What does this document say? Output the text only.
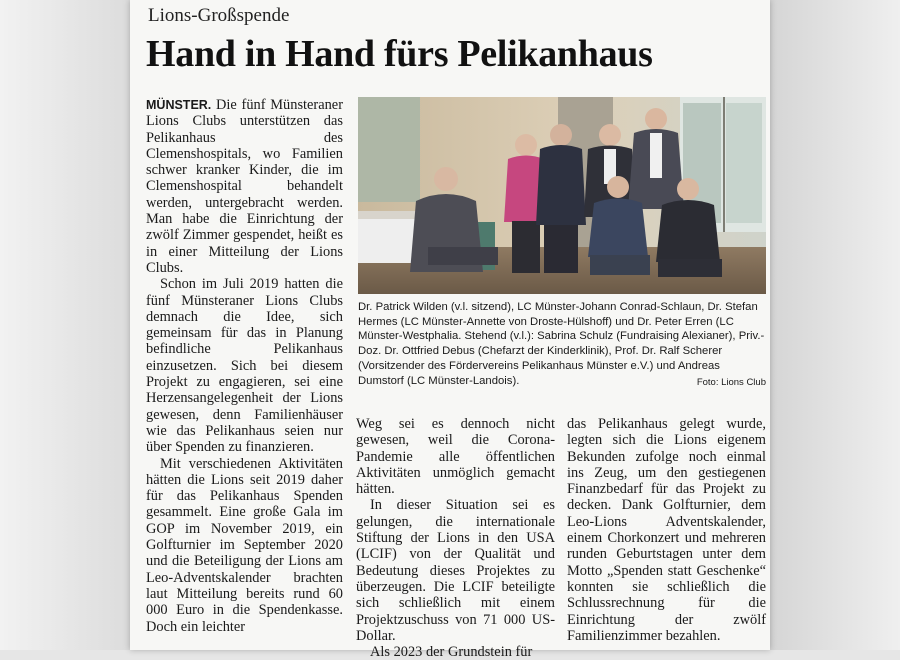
Lions-Großspende
Hand in Hand fürs Pelikanhaus

MÜNSTER. Die fünf Münsteraner Lions Clubs unterstützen das Pelikanhaus des Clemenshospitals, wo Familien schwer kranker Kinder, die im Clemenshospital behandelt werden, untergebracht werden. Man habe die Einrichtung der zwölf Zimmer gespendet, heißt es in einer Mitteilung der Lions Clubs.

Schon im Juli 2019 hatten die fünf Münsteraner Lions Clubs demnach die Idee, sich gemeinsam für das in Planung befindliche Pelikanhaus einzusetzen. Sich bei diesem Projekt zu engagieren, sei eine Herzensangelegenheit der Lions gewesen, denn Familienhäuser wie das Pelikanhaus seien nur über Spenden zu finanzieren.

Mit verschiedenen Aktivitäten hätten die Lions seit 2019 daher für das Pelikanhaus Spenden gesammelt. Eine große Gala im GOP im November 2019, ein Golfturnier im September 2020 und die Beteiligung der Lions am Leo-Adventskalender brachten laut Mitteilung bereits rund 60 000 Euro in die Spendenkasse. Doch ein leichter

Dr. Patrick Wilden (v.l. sitzend), LC Münster-Johann Conrad-Schlaun, Dr. Stefan Hermes (LC Münster-Annette von Droste-Hülshoff) und Dr. Peter Erren (LC Münster-Westphalia. Stehend (v.l.): Sabrina Schulz (Fundraising Alexianer), Priv.-Doz. Dr. Ottfried Debus (Chefarzt der Kinderklinik), Prof. Dr. Ralf Scherer (Vorsitzender des Fördervereins Pelikanhaus Münster e.V.) und Andreas Dumstorf (LC Münster-Landois).	Foto: Lions Club

Weg sei es dennoch nicht gewesen, weil die Corona-Pandemie alle öffentlichen Aktivitäten unmöglich gemacht hätten.

In dieser Situation sei es gelungen, die internationale Stiftung der Lions in den USA (LCIF) von der Qualität und Bedeutung dieses Projektes zu überzeugen. Die LCIF beteiligte sich schließlich mit einem Projektzuschuss von 71 000 US-Dollar.

Als 2023 der Grundstein für

das Pelikanhaus gelegt wurde, legten sich die Lions eigenem Bekunden zufolge noch einmal ins Zeug, um den gestiegenen Finanzbedarf für das Projekt zu decken. Dank Golfturnier, dem Leo-Lions Adventskalender, einem Chorkonzert und mehreren runden Geburtstagen unter dem Motto „Spenden statt Geschenke“ konnten sie schließlich die Schlussrechnung für die Einrichtung der zwölf Familienzimmer bezahlen.
